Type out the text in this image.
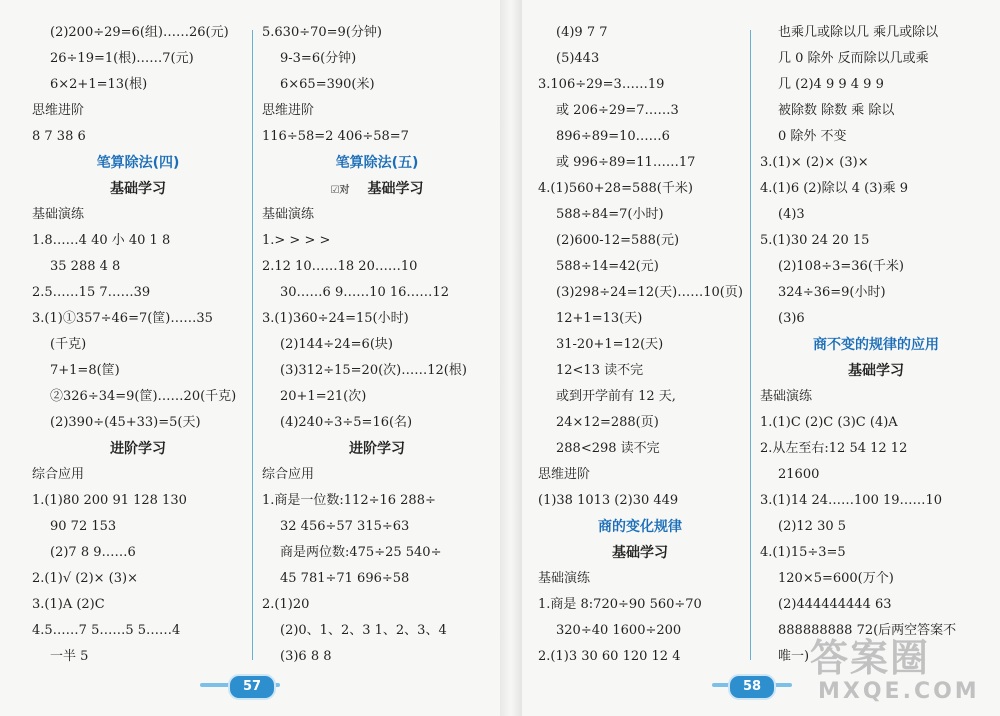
(2)200÷29=6(组)……26(元)
26÷19=1(根)……7(元)
6×2+1=13(根)
思维进阶
8 7 38 6
笔算除法(四)
基础学习
基础演练
1.8……4 40 小 40 1 8
35 288 4 8
2.5……15 7……39
3.(1)①357÷46=7(筐)……35
(千克)
7+1=8(筐)
②326÷34=9(筐)……20(千克)
(2)390÷(45+33)=5(天)
进阶学习
综合应用
1.(1)80 200 91 128 130
90 72 153
(2)7 8 9……6
2.(1)√ (2)× (3)×
3.(1)A (2)C
4.5……7 5……5 5……4
一半 5
5.630÷70=9(分钟)
9-3=6(分钟)
6×65=390(米)
思维进阶
116÷58=2 406÷58=7
笔算除法(五)
☑对 基础学习
基础演练
1.> > > >
2.12 10……18 20……10
30……6 9……10 16……12
3.(1)360÷24=15(小时)
(2)144÷24=6(块)
(3)312÷15=20(次)……12(根)
20+1=21(次)
(4)240÷3÷5=16(名)
进阶学习
综合应用
1.商是一位数:112÷16 288÷
32 456÷57 315÷63
商是两位数:475÷25 540÷
45 781÷71 696÷58
2.(1)20
(2)0、1、2、3 1、2、3、4
(3)6 8 8
(4)9 7 7
(5)443
3.106÷29=3……19
或 206÷29=7……3
896÷89=10……6
或 996÷89=11……17
4.(1)560+28=588(千米)
588÷84=7(小时)
(2)600-12=588(元)
588÷14=42(元)
(3)298÷24=12(天)……10(页)
12+1=13(天)
31-20+1=12(天)
12<13 读不完
或到开学前有 12 天,
24×12=288(页)
288<298 读不完
思维进阶
(1)38 1013 (2)30 449
商的变化规律
基础学习
基础演练
1.商是 8:720÷90 560÷70
320÷40 1600÷200
2.(1)3 30 60 120 12 4
也乘几或除以几 乘几或除以
几 0 除外 反而除以几或乘
几 (2)4 9 9 4 9 9
被除数 除数 乘 除以
0 除外 不变
3.(1)× (2)× (3)×
4.(1)6 (2)除以 4 (3)乘 9
(4)3
5.(1)30 24 20 15
(2)108÷3=36(千米)
324÷36=9(小时)
(3)6
商不变的规律的应用
基础学习
基础演练
1.(1)C (2)C (3)C (4)A
2.从左至右:12 54 12 12
21600
3.(1)14 24……100 19……10
(2)12 30 5
4.(1)15÷3=5
120×5=600(万个)
(2)444444444 63
888888888 72(后两空答案不
唯一)
57	58
答案圈
MXQE.COM
